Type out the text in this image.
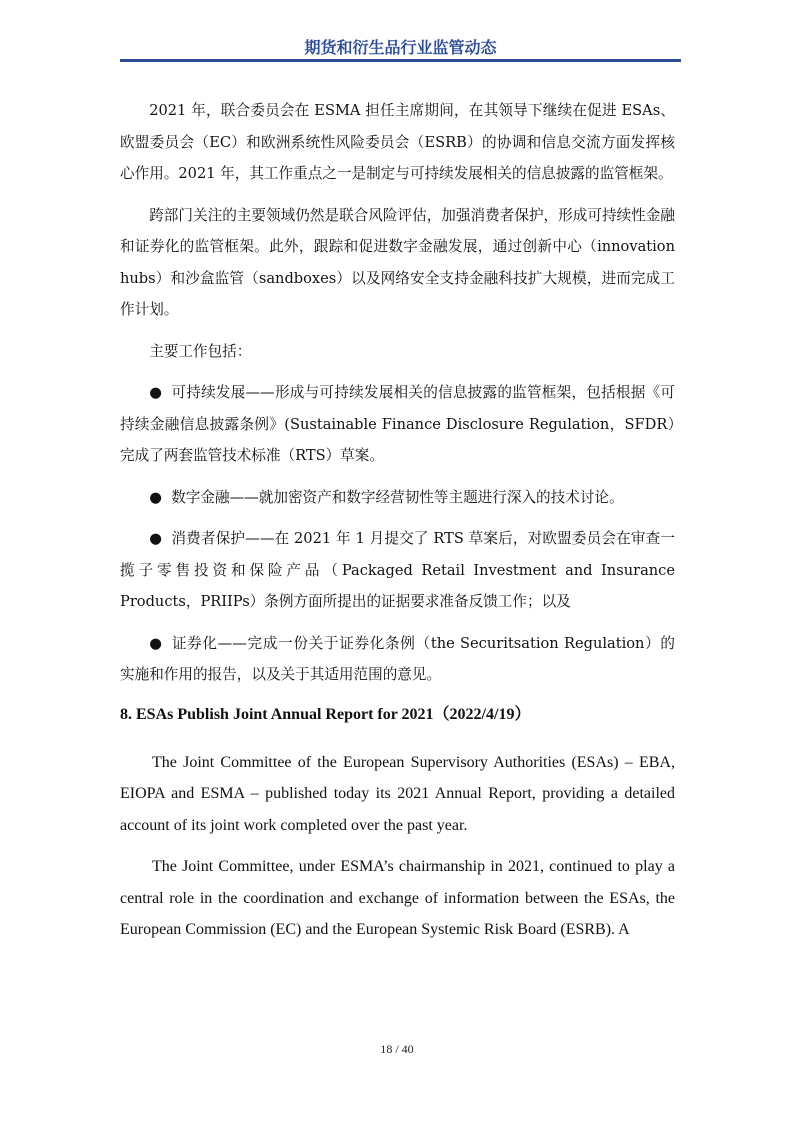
期货和衍生品行业监管动态

2021 年，联合委员会在 ESMA 担任主席期间，在其领导下继续在促进 ESAs、欧盟委员会（EC）和欧洲系统性风险委员会（ESRB）的协调和信息交流方面发挥核心作用。2021 年，其工作重点之一是制定与可持续发展相关的信息披露的监管框架。

跨部门关注的主要领域仍然是联合风险评估，加强消费者保护，形成可持续性金融和证券化的监管框架。此外，跟踪和促进数字金融发展，通过创新中心（innovation hubs）和沙盒监管（sandboxes）以及网络安全支持金融科技扩大规模，进而完成工作计划。

主要工作包括：

● 可持续发展——形成与可持续发展相关的信息披露的监管框架，包括根据《可持续金融信息披露条例》(Sustainable Finance Disclosure Regulation，SFDR）完成了两套监管技术标准（RTS）草案。

● 数字金融——就加密资产和数字经营韧性等主题进行深入的技术讨论。

● 消费者保护——在 2021 年 1 月提交了 RTS 草案后，对欧盟委员会在审查一揽子零售投资和保险产品（Packaged Retail Investment and Insurance Products，PRIIPs）条例方面所提出的证据要求准备反馈工作；以及

● 证券化——完成一份关于证券化条例（the Securitsation Regulation）的实施和作用的报告，以及关于其适用范围的意见。

8. ESAs Publish Joint Annual Report for 2021（2022/4/19）

The Joint Committee of the European Supervisory Authorities (ESAs) – EBA, EIOPA and ESMA – published today its 2021 Annual Report, providing a detailed account of its joint work completed over the past year.

The Joint Committee, under ESMA’s chairmanship in 2021, continued to play a central role in the coordination and exchange of information between the ESAs, the European Commission (EC) and the European Systemic Risk Board (ESRB). A

18 / 40
